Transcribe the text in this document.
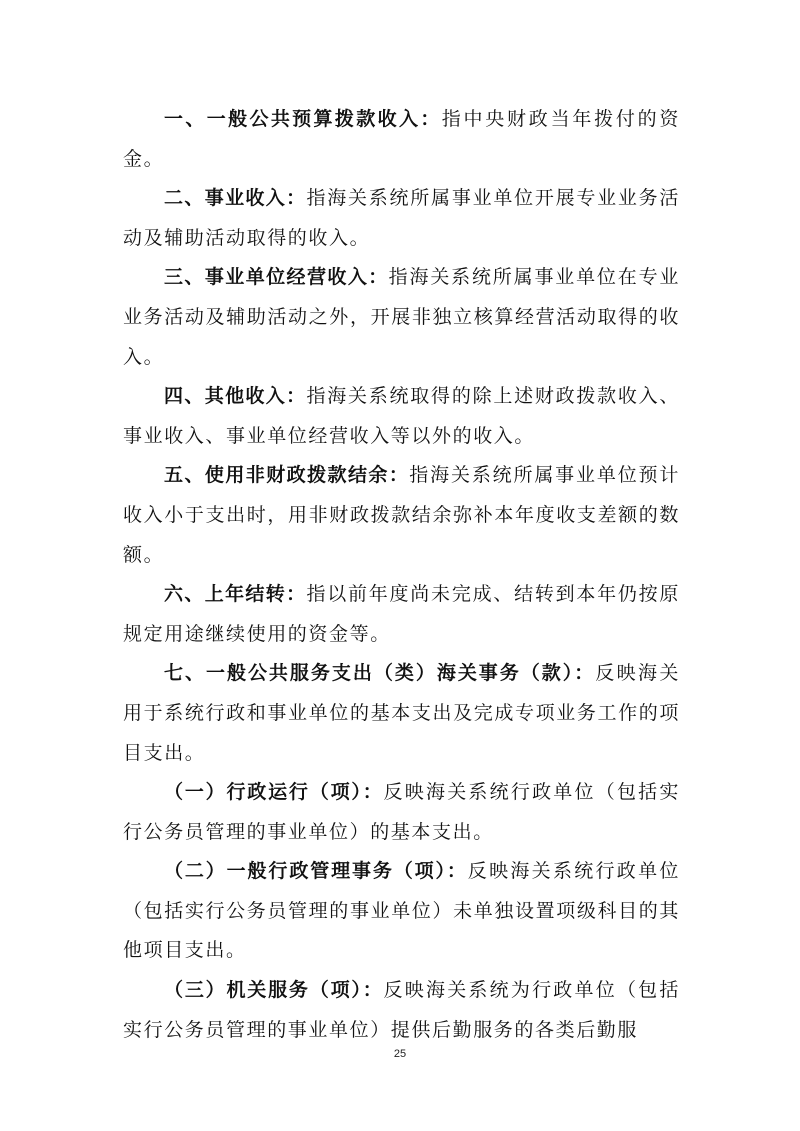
一、一般公共预算拨款收入：指中央财政当年拨付的资金。

二、事业收入：指海关系统所属事业单位开展专业业务活动及辅助活动取得的收入。

三、事业单位经营收入：指海关系统所属事业单位在专业业务活动及辅助活动之外，开展非独立核算经营活动取得的收入。

四、其他收入：指海关系统取得的除上述财政拨款收入、事业收入、事业单位经营收入等以外的收入。

五、使用非财政拨款结余：指海关系统所属事业单位预计收入小于支出时，用非财政拨款结余弥补本年度收支差额的数额。

六、上年结转：指以前年度尚未完成、结转到本年仍按原规定用途继续使用的资金等。

七、一般公共服务支出（类）海关事务（款）：反映海关用于系统行政和事业单位的基本支出及完成专项业务工作的项目支出。

（一）行政运行（项）：反映海关系统行政单位（包括实行公务员管理的事业单位）的基本支出。

（二）一般行政管理事务（项）：反映海关系统行政单位（包括实行公务员管理的事业单位）未单独设置项级科目的其他项目支出。

（三）机关服务（项）：反映海关系统为行政单位（包括实行公务员管理的事业单位）提供后勤服务的各类后勤服

25
